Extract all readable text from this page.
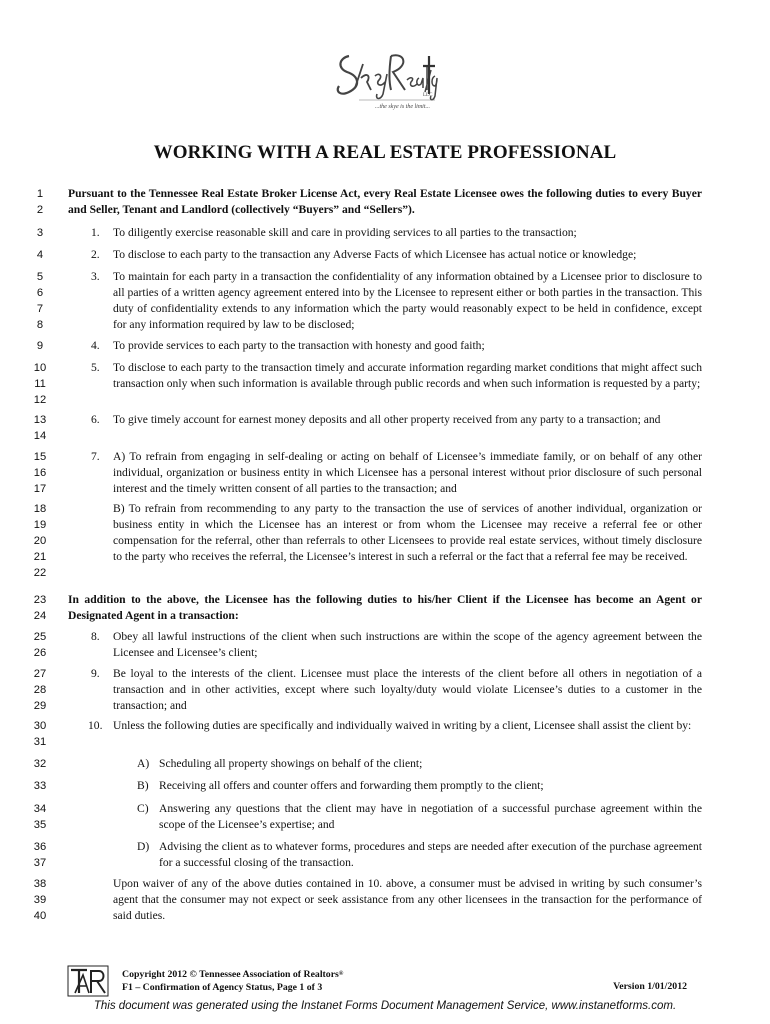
LLC
...the skye is the limit...
WORKING WITH A REAL ESTATE PROFESSIONAL
1
2
Pursuant to the Tennessee Real Estate Broker License Act, every Real Estate Licensee owes the following duties to every Buyer and Seller, Tenant and Landlord (collectively “Buyers” and “Sellers”).
3	1. To diligently exercise reasonable skill and care in providing services to all parties to the transaction;
4	2. To disclose to each party to the transaction any Adverse Facts of which Licensee has actual notice or knowledge;
5
6
7
8
3. To maintain for each party in a transaction the confidentiality of any information obtained by a Licensee prior to disclosure to all parties of a written agency agreement entered into by the Licensee to represent either or both parties in the transaction. This duty of confidentiality extends to any information which the party would reasonably expect to be held in confidence, except for any information required by law to be disclosed;
9	4. To provide services to each party to the transaction with honesty and good faith;
10
11
12
5. To disclose to each party to the transaction timely and accurate information regarding market conditions that might affect such transaction only when such information is available through public records and when such information is requested by a party;
13
14
6. To give timely account for earnest money deposits and all other property received from any party to a transaction; and
15
16
17
7. A) To refrain from engaging in self-dealing or acting on behalf of Licensee’s immediate family, or on behalf of any other individual, organization or business entity in which Licensee has a personal interest without prior disclosure of such personal interest and the timely written consent of all parties to the transaction; and
18
19
20
21
22
B) To refrain from recommending to any party to the transaction the use of services of another individual, organization or business entity in which the Licensee has an interest or from whom the Licensee may receive a referral fee or other compensation for the referral, other than referrals to other Licensees to provide real estate services, without timely disclosure to the party who receives the referral, the Licensee’s interest in such a referral or the fact that a referral fee may be received.
23
24
In addition to the above, the Licensee has the following duties to his/her Client if the Licensee has become an Agent or Designated Agent in a transaction:
25
26
8. Obey all lawful instructions of the client when such instructions are within the scope of the agency agreement between the Licensee and Licensee’s client;
27
28
29
9. Be loyal to the interests of the client. Licensee must place the interests of the client before all others in negotiation of a transaction and in other activities, except where such loyalty/duty would violate Licensee’s duties to a customer in the transaction; and
30
31
10. Unless the following duties are specifically and individually waived in writing by a client, Licensee shall assist the client by:
32	A) Scheduling all property showings on behalf of the client;
33	B) Receiving all offers and counter offers and forwarding them promptly to the client;
34
35
C) Answering any questions that the client may have in negotiation of a successful purchase agreement within the scope of the Licensee’s expertise; and
36
37
D) Advising the client as to whatever forms, procedures and steps are needed after execution of the purchase agreement for a successful closing of the transaction.
38
39
40
Upon waiver of any of the above duties contained in 10. above, a consumer must be advised in writing by such consumer’s agent that the consumer may not expect or seek assistance from any other licensees in the transaction for the performance of said duties.
Copyright 2012 © Tennessee Association of Realtors®
F1 – Confirmation of Agency Status, Page 1 of 3	Version 1/01/2012
This document was generated using the Instanet Forms Document Management Service, www.instanetforms.com.
